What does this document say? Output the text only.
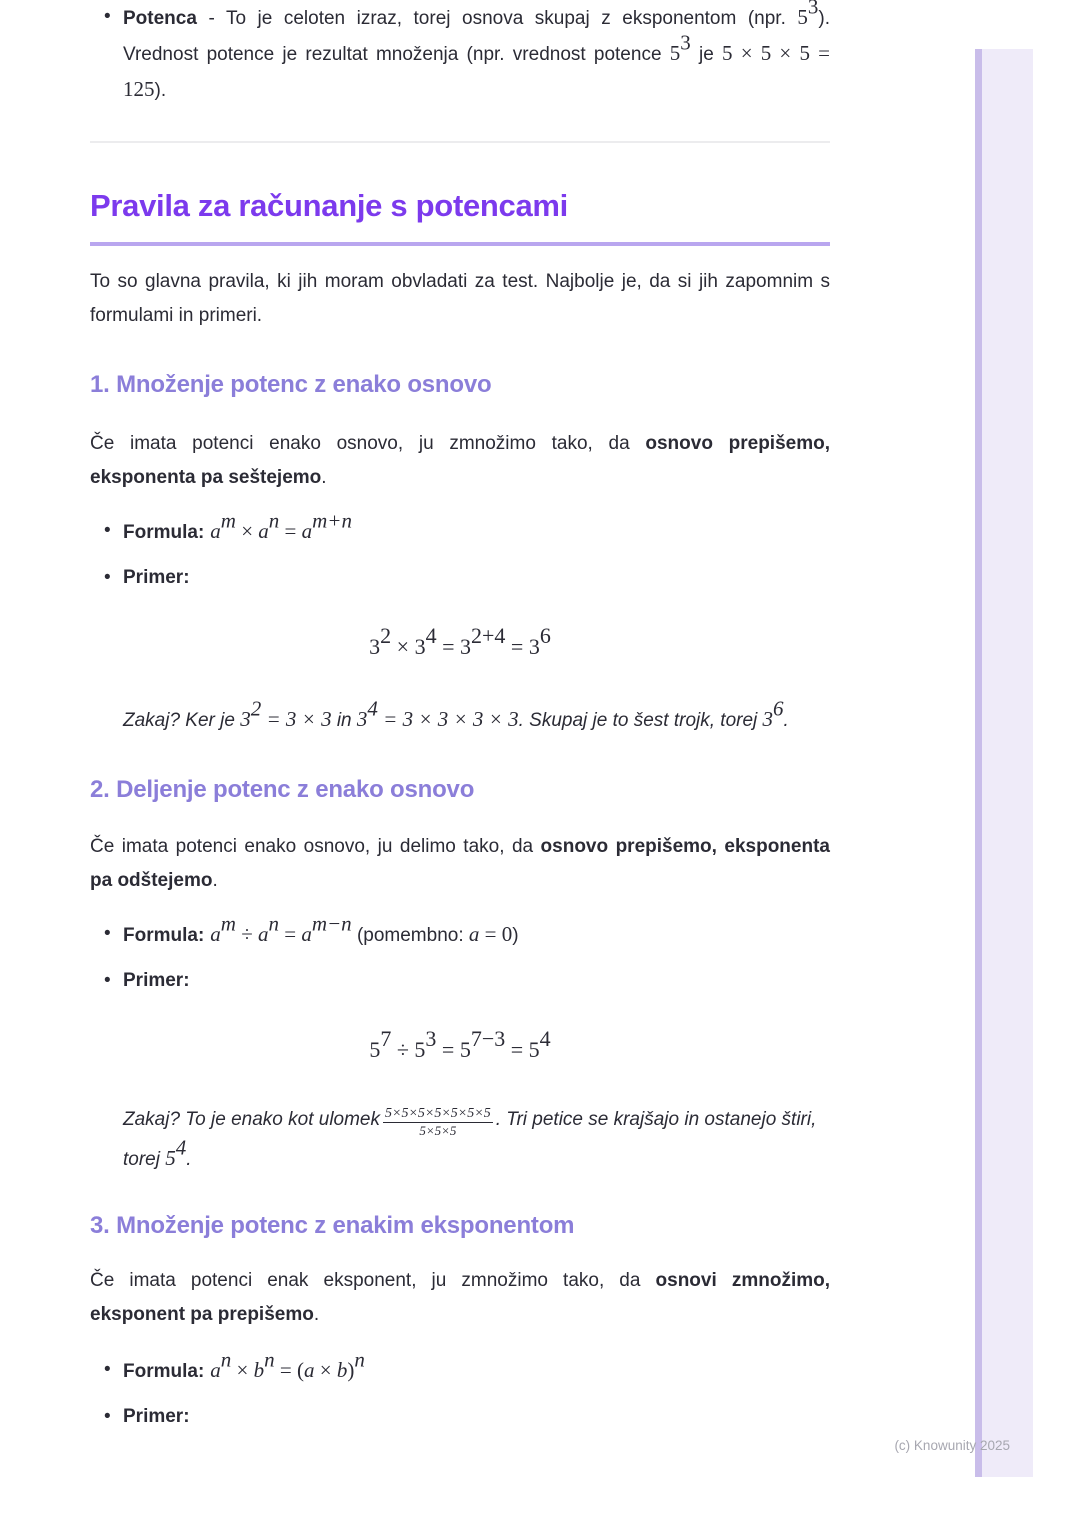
• Potenca - To je celoten izraz, torej osnova skupaj z eksponentom (npr. $5^3$). Vrednost potence je rezultat množenja (npr. vrednost potence $5^3$ je 5 × 5 × 5 = 125).
Pravila za računanje s potencami

To so glavna pravila, ki jih moram obvladati za test. Najbolje je, da si jih zapomnim s formulami in primeri.

1. Množenje potenc z enako osnovo

Če imata potenci enako osnovo, ju zmnožimo tako, da osnovo prepišemo, eksponenta pa seštejemo.

• Formula: $a^m \times a^n = a^{m+n}$
• Primer:
$3^2 \times 3^4 = 3^{2+4} = 3^6$
Zakaj? Ker je $3^2 = 3 \times 3$ in $3^4 = 3 \times 3 \times 3 \times 3$. Skupaj je to šest trojk, torej $3^6$.
2. Deljenje potenc z enako osnovo

Če imata potenci enako osnovo, ju delimo tako, da osnovo prepišemo, eksponenta pa odštejemo.

• Formula: $a^m \div a^n = a^{m-n}$ (pomembno: a = 0)
• Primer:
$5^7 \div 5^3 = 5^{7-3} = 5^4$
Zakaj? To je enako kot ulomek $\frac{5\times 5\times 5\times 5\times 5\times 5\times 5}{5\times 5\times 5}$ . Tri petice se krajšajo in ostanejo štiri, torej $5^4$.
3. Množenje potenc z enakim eksponentom

Če imata potenci enak eksponent, ju zmnožimo tako, da osnovi zmnožimo, eksponent pa prepišemo.

• Formula: $a^n \times b^n = (a \times b)^n$
• Primer:
(c) Knowunity 2025
